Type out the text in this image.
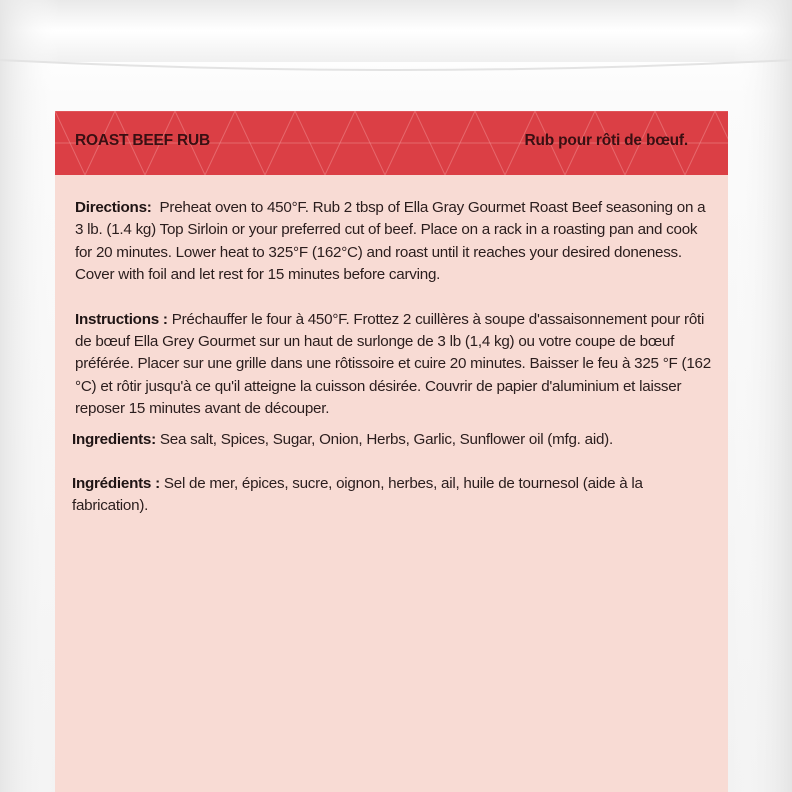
ROAST BEEF RUB	Rub pour rôti de bœuf.

Directions: Preheat oven to 450°F. Rub 2 tbsp of Ella Gray Gourmet Roast Beef seasoning on a 3 lb. (1.4 kg) Top Sirloin or your preferred cut of beef. Place on a rack in a roasting pan and cook for 20 minutes. Lower heat to 325°F (162°C) and roast until it reaches your desired doneness. Cover with foil and let rest for 15 minutes before carving.

Instructions : Préchauffer le four à 450°F. Frottez 2 cuillères à soupe d'assaisonnement pour rôti de bœuf Ella Grey Gourmet sur un haut de surlonge de 3 lb (1,4 kg) ou votre coupe de bœuf préférée. Placer sur une grille dans une rôtissoire et cuire 20 minutes. Baisser le feu à 325 °F (162 °C) et rôtir jusqu'à ce qu'il atteigne la cuisson désirée. Couvrir de papier d'aluminium et laisser reposer 15 minutes avant de découper.

Ingredients: Sea salt, Spices, Sugar, Onion, Herbs, Garlic, Sunflower oil (mfg. aid).

Ingrédients : Sel de mer, épices, sucre, oignon, herbes, ail, huile de tournesol (aide à la fabrication).
